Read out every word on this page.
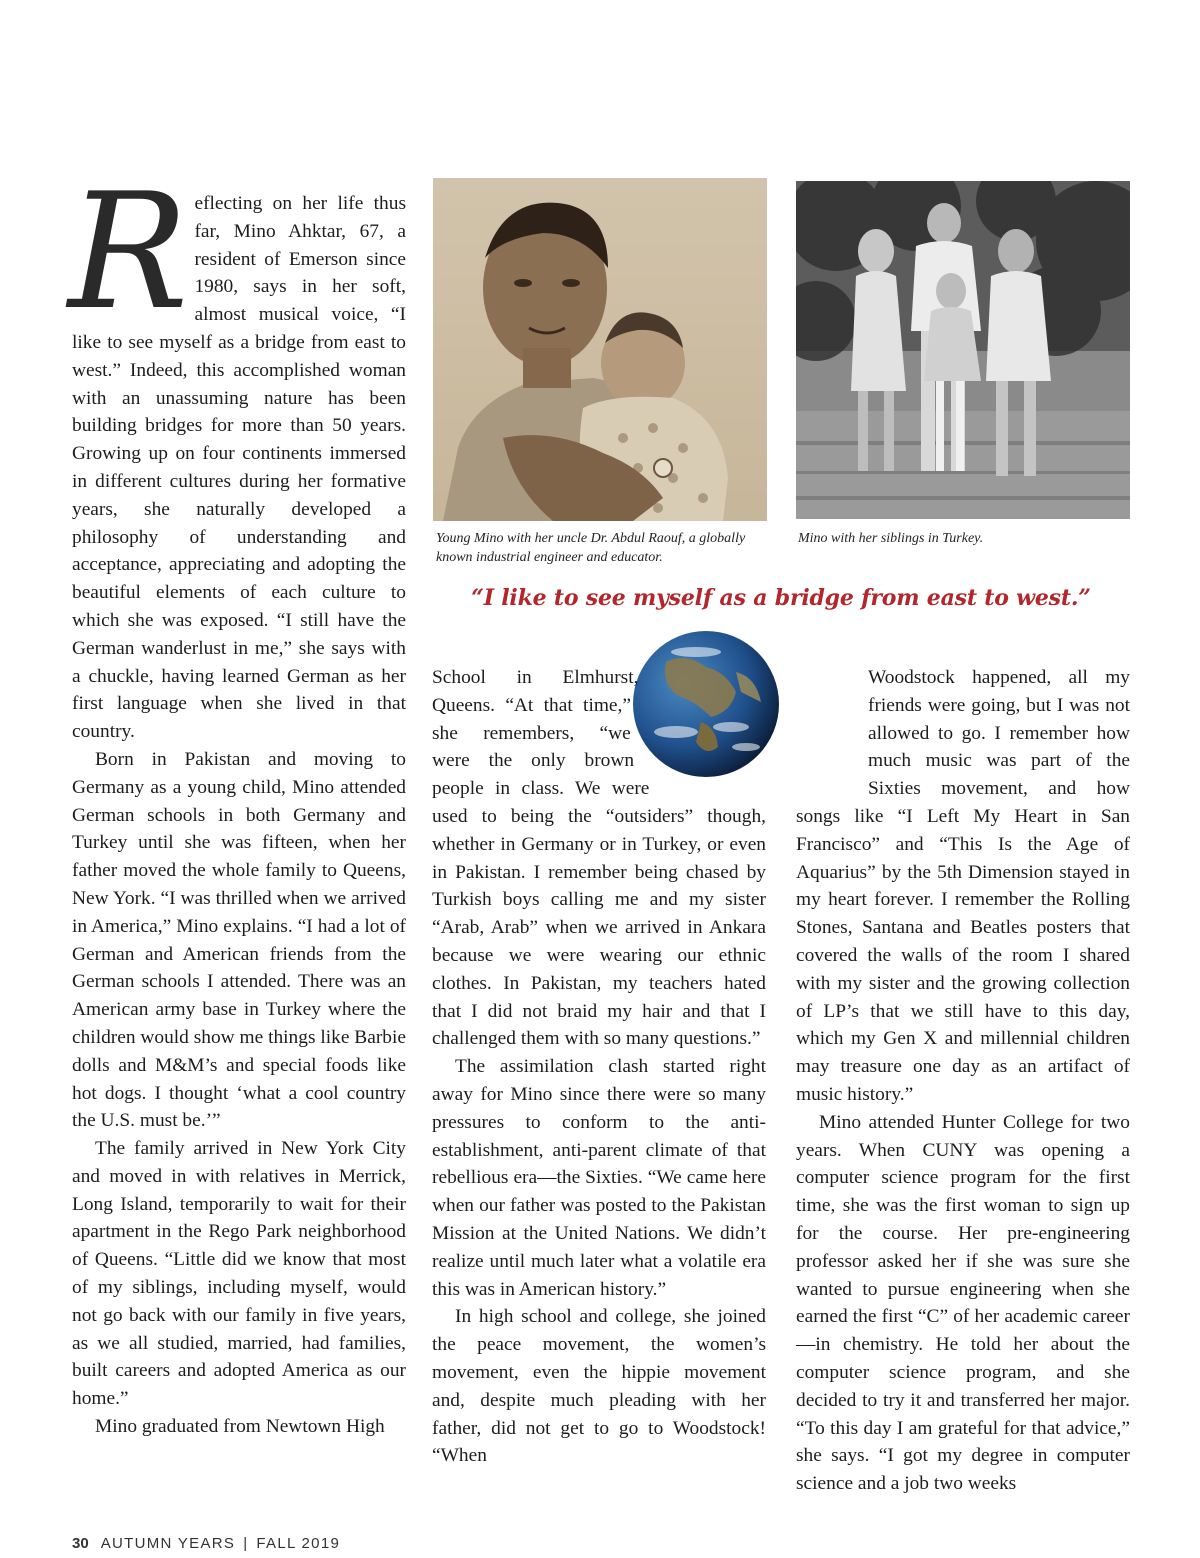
Young Mino with her uncle Dr. Abdul Raouf, a globally known industrial engineer and educator.
Mino with her siblings in Turkey.
“I like to see myself as a bridge from east to west.”

Reflecting on her life thus far, Mino Ahktar, 67, a resident of Emerson since 1980, says in her soft, almost musical voice, “I like to see myself as a bridge from east to west.” Indeed, this accomplished woman with an unassuming nature has been building bridges for more than 50 years. Growing up on four continents immersed in different cultures during her formative years, she naturally developed a philosophy of understanding and acceptance, appreciating and adopting the beautiful elements of each culture to which she was exposed. “I still have the German wanderlust in me,” she says with a chuckle, having learned German as her first language when she lived in that country.

Born in Pakistan and moving to Germany as a young child, Mino attended German schools in both Germany and Turkey until she was fifteen, when her father moved the whole family to Queens, New York. “I was thrilled when we arrived in America,” Mino explains. “I had a lot of German and American friends from the German schools I attended. There was an American army base in Turkey where the children would show me things like Barbie dolls and M&M’s and special foods like hot dogs. I thought ‘what a cool country the U.S. must be.’”

The family arrived in New York City and moved in with relatives in Merrick, Long Island, temporarily to wait for their apartment in the Rego Park neighborhood of Queens. “Little did we know that most of my siblings, including myself, would not go back with our family in five years, as we all studied, married, had families, built careers and adopted America as our home.”

Mino graduated from Newtown High

School in Elmhurst, Queens. “At that time,” she remembers, “we were the only brown people in class. We were used to being the “outsiders” though, whether in Germany or in Turkey, or even in Pakistan. I remember being chased by Turkish boys calling me and my sister “Arab, Arab” when we arrived in Ankara because we were wearing our ethnic clothes. In Pakistan, my teachers hated that I did not braid my hair and that I challenged them with so many questions.”

The assimilation clash started right away for Mino since there were so many pressures to conform to the anti-establishment, anti-parent climate of that rebellious era—the Sixties. “We came here when our father was posted to the Pakistan Mission at the United Nations. We didn’t realize until much later what a volatile era this was in American history.”

In high school and college, she joined the peace movement, the women’s movement, even the hippie movement and, despite much pleading with her father, did not get to go to Woodstock! “When

Woodstock happened, all my friends were going, but I was not allowed to go. I remember how much music was part of the Sixties movement, and how songs like “I Left My Heart in San Francisco” and “This Is the Age of Aquarius” by the 5th Dimension stayed in my heart forever. I remember the Rolling Stones, Santana and Beatles posters that covered the walls of the room I shared with my sister and the growing collection of LP’s that we still have to this day, which my Gen X and millennial children may treasure one day as an artifact of music history.”

Mino attended Hunter College for two years. When CUNY was opening a computer science program for the first time, she was the first woman to sign up for the course. Her pre-engineering professor asked her if she was sure she wanted to pursue engineering when she earned the first “C” of her academic career—in chemistry. He told her about the computer science program, and she decided to try it and transferred her major. “To this day I am grateful for that advice,” she says. “I got my degree in computer science and a job two weeks

30 AUTUMN YEARS | FALL 2019
